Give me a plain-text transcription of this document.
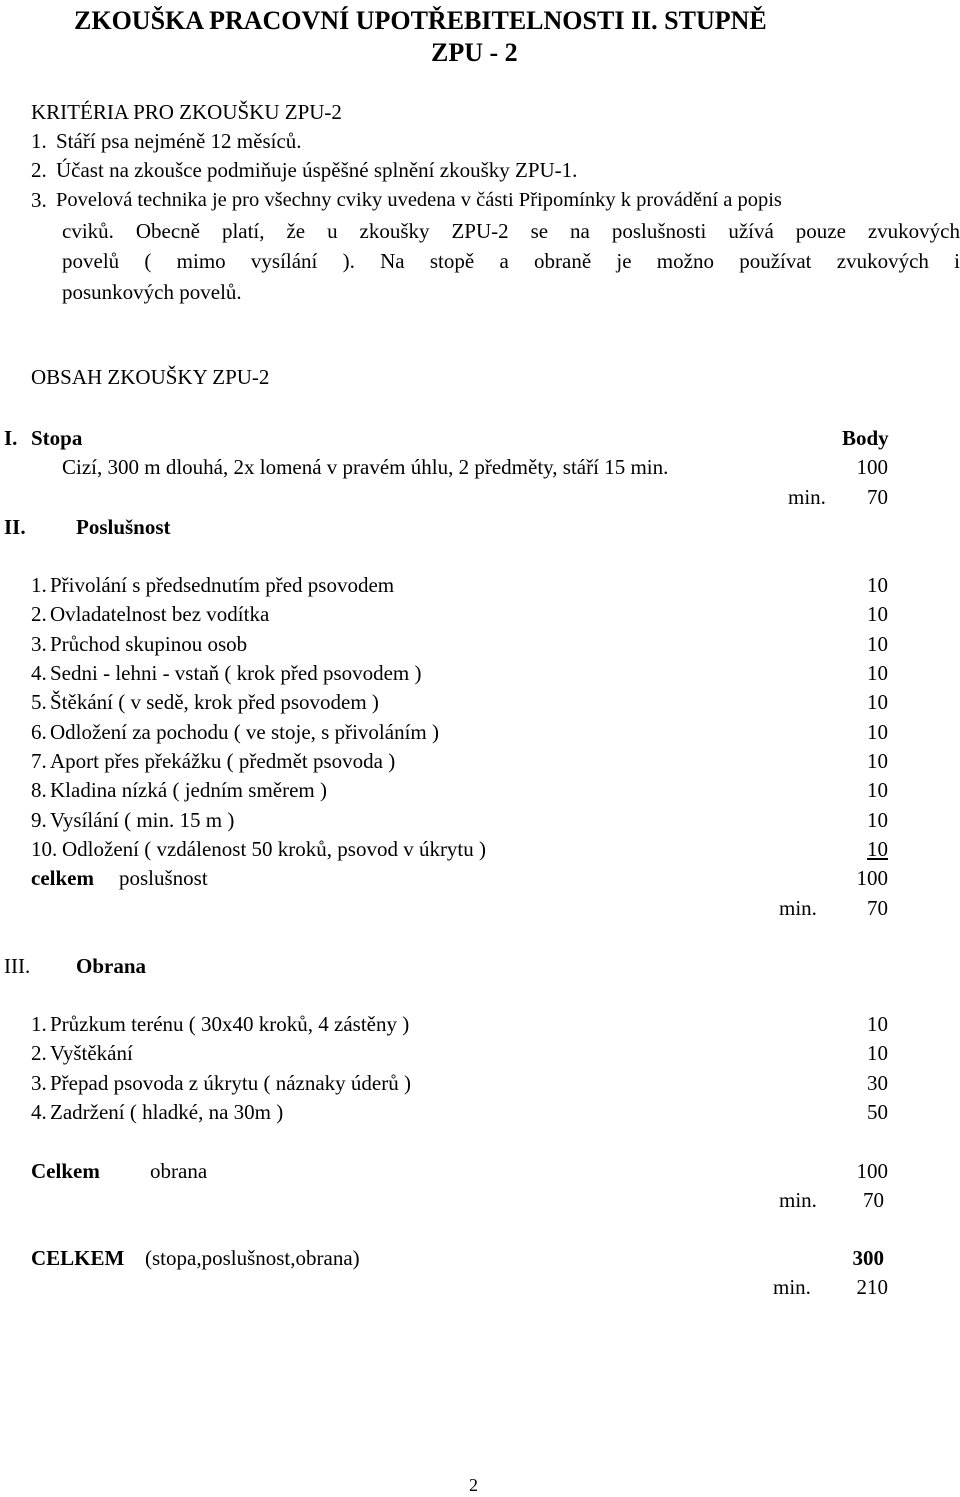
ZKOUŠKA PRACOVNÍ UPOTŘEBITELNOSTI II. STUPNĚ
ZPU - 2
KRITÉRIA PRO ZKOUŠKU ZPU-2
1. Stáří psa nejméně 12 měsíců.
2. Účast na zkoušce podmiňuje úspěšné splnění zkoušky ZPU-1.
3. Povelová technika je pro všechny cviky uvedena v části Připomínky k provádění a popis
cviků. Obecně platí, že u zkoušky ZPU-2 se na poslušnosti užívá pouze zvukových
povelů ( mimo vysílání ). Na stopě a obraně je možno používat zvukových i
posunkových povelů.
OBSAH ZKOUŠKY ZPU-2
I. Stopa	Body
Cizí, 300 m dlouhá, 2x lomená v pravém úhlu, 2 předměty, stáří 15 min.	100
min.	70
II. Poslušnost
1. Přivolání s předsednutím před psovodem	10
2. Ovladatelnost bez vodítka	10
3. Průchod skupinou osob	10
4. Sedni - lehni - vstaň ( krok před psovodem )	10
5. Štěkání ( v sedě, krok před psovodem )	10
6. Odložení za pochodu ( ve stoje, s přivoláním )	10
7. Aport přes překážku ( předmět psovoda )	10
8. Kladina nízká ( jedním směrem )	10
9. Vysílání ( min. 15 m )	10
10. Odložení ( vzdálenost 50 kroků, psovod v úkrytu )	10
celkem poslušnost	100
min.	70
III. Obrana
1. Průzkum terénu ( 30x40 kroků, 4 zástěny )	10
2. Vyštěkání	10
3. Přepad psovoda z úkrytu ( náznaky úderů )	30
4. Zadržení ( hladké, na 30m )	50
Celkem obrana	100
min.	70
CELKEM (stopa,poslušnost,obrana)	300
min.	210
2
